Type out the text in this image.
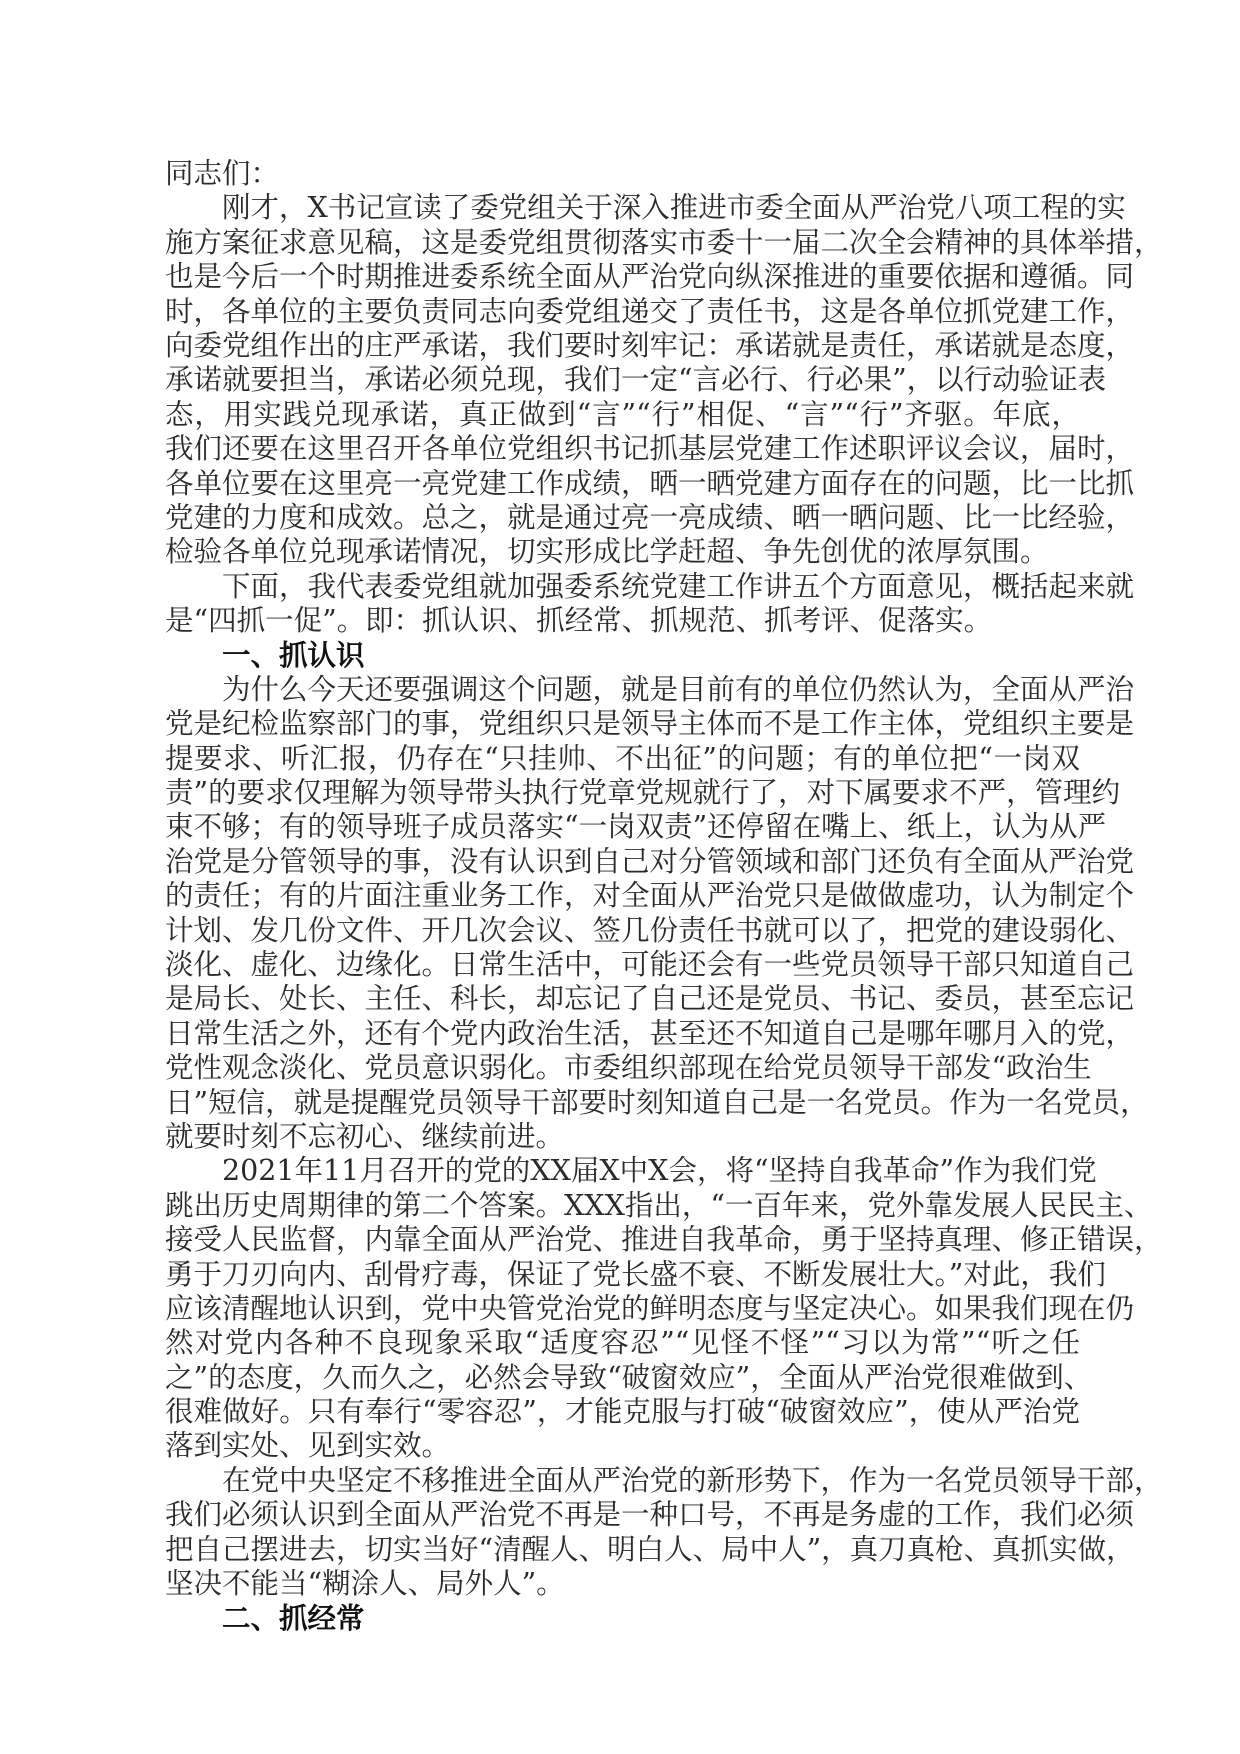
同志们：
刚才，X书记宣读了委党组关于深入推进市委全面从严治党八项工程的实
施方案征求意见稿，这是委党组贯彻落实市委十一届二次全会精神的具体举措，
也是今后一个时期推进委系统全面从严治党向纵深推进的重要依据和遵循。同
时，各单位的主要负责同志向委党组递交了责任书，这是各单位抓党建工作，
向委党组作出的庄严承诺，我们要时刻牢记：承诺就是责任，承诺就是态度，
承诺就要担当，承诺必须兑现，我们一定“言必行、行必果”，以行动验证表
态，用实践兑现承诺，真正做到“言”“行”相促、“言”“行”齐驱。年底，
我们还要在这里召开各单位党组织书记抓基层党建工作述职评议会议，届时，
各单位要在这里亮一亮党建工作成绩，晒一晒党建方面存在的问题，比一比抓
党建的力度和成效。总之，就是通过亮一亮成绩、晒一晒问题、比一比经验，
检验各单位兑现承诺情况，切实形成比学赶超、争先创优的浓厚氛围。
下面，我代表委党组就加强委系统党建工作讲五个方面意见，概括起来就
是“四抓一促”。即：抓认识、抓经常、抓规范、抓考评、促落实。
一、抓认识
为什么今天还要强调这个问题，就是目前有的单位仍然认为，全面从严治
党是纪检监察部门的事，党组织只是领导主体而不是工作主体，党组织主要是
提要求、听汇报，仍存在“只挂帅、不出征”的问题；有的单位把“一岗双
责”的要求仅理解为领导带头执行党章党规就行了，对下属要求不严，管理约
束不够；有的领导班子成员落实“一岗双责”还停留在嘴上、纸上，认为从严
治党是分管领导的事，没有认识到自己对分管领域和部门还负有全面从严治党
的责任；有的片面注重业务工作，对全面从严治党只是做做虚功，认为制定个
计划、发几份文件、开几次会议、签几份责任书就可以了，把党的建设弱化、
淡化、虚化、边缘化。日常生活中，可能还会有一些党员领导干部只知道自己
是局长、处长、主任、科长，却忘记了自己还是党员、书记、委员，甚至忘记
日常生活之外，还有个党内政治生活，甚至还不知道自己是哪年哪月入的党，
党性观念淡化、党员意识弱化。市委组织部现在给党员领导干部发“政治生
日”短信，就是提醒党员领导干部要时刻知道自己是一名党员。作为一名党员，
就要时刻不忘初心、继续前进。
2021年11月召开的党的XX届X中X会，将“坚持自我革命”作为我们党
跳出历史周期律的第二个答案。XXX指出，“一百年来，党外靠发展人民民主、
接受人民监督，内靠全面从严治党、推进自我革命，勇于坚持真理、修正错误，
勇于刀刃向内、刮骨疗毒，保证了党长盛不衰、不断发展壮大。”对此，我们
应该清醒地认识到，党中央管党治党的鲜明态度与坚定决心。如果我们现在仍
然对党内各种不良现象采取“适度容忍”“见怪不怪”“习以为常”“听之任
之”的态度，久而久之，必然会导致“破窗效应”，全面从严治党很难做到、
很难做好。只有奉行“零容忍”，才能克服与打破“破窗效应”，使从严治党
落到实处、见到实效。
在党中央坚定不移推进全面从严治党的新形势下，作为一名党员领导干部，
我们必须认识到全面从严治党不再是一种口号，不再是务虚的工作，我们必须
把自己摆进去，切实当好“清醒人、明白人、局中人”，真刀真枪、真抓实做，
坚决不能当“糊涂人、局外人”。
二、抓经常
